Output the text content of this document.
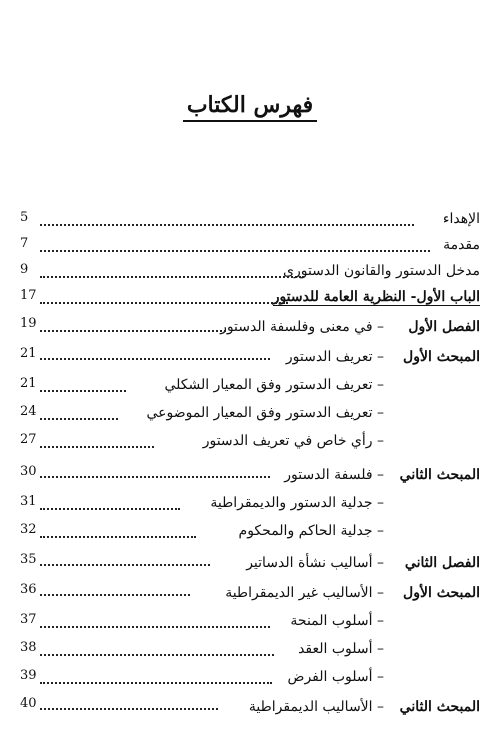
فهرس الكتاب
الإهداء
5
مقدمة
7
مدخل الدستور والقانون الدستورى
9
الباب الأول- النظرية العامة للدستور
17
الفصل الأول
– في معنى وفلسفة الدستور
19
المبحث الأول
– تعريف الدستور
21
– تعريف الدستور وفق المعيار الشكلي
21
– تعريف الدستور وفق المعيار الموضوعي
24
– رأي خاص في تعريف الدستور
27
المبحث الثاني
– فلسفة الدستور
30
– جدلية الدستور والديمقراطية
31
– جدلية الحاكم والمحكوم
32
الفصل الثاني
– أساليب نشأة الدساتير
35
المبحث الأول
– الأساليب غير الديمقراطية
36
– أسلوب المنحة
37
– أسلوب العقد
38
– أسلوب الفرض
39
المبحث الثاني
– الأساليب الديمقراطية
40
